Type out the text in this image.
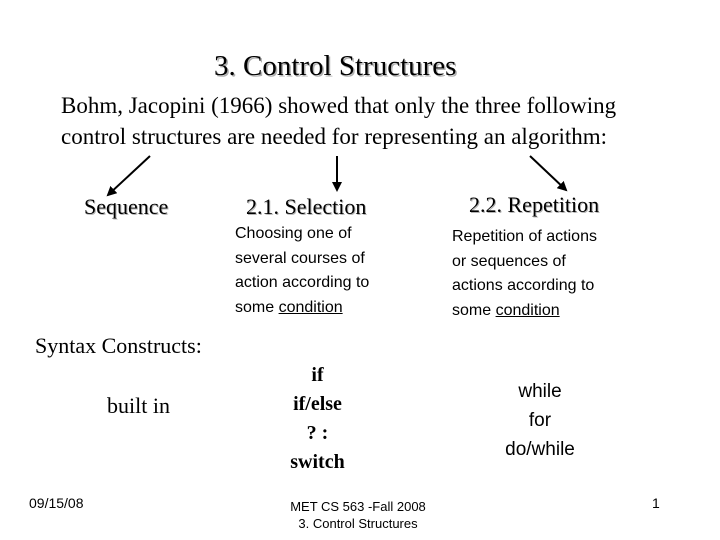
3. Control Structures
Bohm, Jacopini (1966) showed that only the three following
control structures are needed for representing an algorithm:
Sequence	2.1. Selection	2.2. Repetition
Choosing one of
several courses of
action according to
some condition
Repetition of actions
or sequences of
actions according to
some condition
Syntax Constructs:
built in
if
if/else
? :
switch
while
for
do/while
09/15/08	MET CS 563 -Fall 2008
3. Control Structures
1
